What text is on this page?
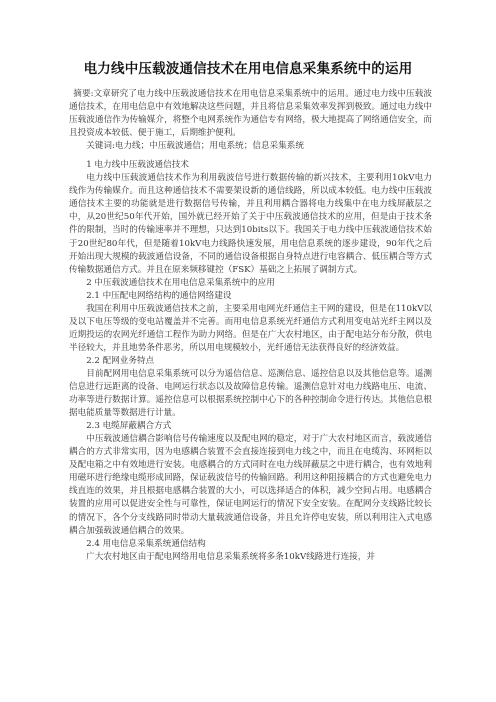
电力线中压载波通信技术在用电信息采集系统中的运用

摘要:文章研究了电力线中压载波通信技术在用电信息采集系统中的运用。通过电力线中压载波通信技术，在用电信息中有效地解决这些问题，并且将信息采集效率发挥到极致。通过电力线中压载波通信作为传输媒介，将整个电网系统作为通信专有网络，极大地提高了网络通信安全，而且投资成本较低、便于施工，后期维护便利。

关键词:电力线；中压载波通信；用电系统；信息采集系统

1 电力线中压载波通信技术

电力线中压载波通信技术作为利用载波信号进行数据传输的新兴技术，主要利用10kV电力线作为传输媒介。而且这种通信技术不需要架设新的通信线路，所以成本较低。电力线中压载波通信技术主要的功能就是进行数据信号传输，并且利用耦合器将电力线集中在电力线屏蔽层之中，从20世纪50年代开始，国外就已经开始了关于中压载波通信技术的应用，但是由于技术条件的限制，当时的传输速率并不理想，只达到10bits以下。我国关于电力线中压载波通信技术始于20世纪80年代，但是随着10kV电力线路快速发展，用电信息系统的逐步建设，90年代之后开始出现大规模的载波通信设备，不同的通信设备根据自身特点进行电容耦合、低压耦合等方式传输数据通信方式。并且在原来频移键控（FSK）基础之上拓展了调制方式。

2 中压载波通信技术在用电信息采集系统中的应用

2.1 中压配电网络结构的通信网络建设

我国在利用中压载波通信技术之前，主要采用电网光纤通信主干网的建设，但是在110kV以及以下电压等级的变电站覆盖并不完善。而用电信息系统光纤通信方式利用变电站光纤主网以及近期投运的农网光纤通信工程作为助力网络。但是在广大农村地区，由于配电站分布分散，供电半径较大，并且地势条件恶劣，所以用电规模较小，光纤通信无法获得良好的经济效益。

2.2 配网业务特点

目前配网用电信息采集系统可以分为遥信信息、巡测信息、遥控信息以及其他信息等。遥测信息进行远距离的设备、电网运行状态以及故障信息传输。遥测信息针对电力线路电压、电流、功率等进行数据计算。遥控信息可以根据系统控制中心下的各种控制命令进行传达。其他信息根据电能质量等数据进行计量。

2.3 电缆屏蔽耦合方式

中压载波通信耦合影响信号传输速度以及配电网的稳定，对于广大农村地区而言，载波通信耦合的方式非常实用，因为电感耦合装置不会直接连接到电力线之中，而且在电缆沟、环网柜以及配电箱之中有效地进行安装。电感耦合的方式同时在电力线屏蔽层之中进行耦合，也有效地利用磁环进行绝缘电缆形成回路，保证载波信号的传输回路。利用这种阻接耦合的方式也避免电力线直连的效果，并且根据电感耦合装置的大小，可以选择适合的体积，减少空间占用。电感耦合装置的应用可以促进安全性与可靠性，保证电网运行的情况下安全安装。在配网分支线路比较长的情况下，各个分支线路同时带动大量载波通信设备，并且允许停电安装，所以利用注入式电感耦合加强载波通信耦合的效果。

2.4 用电信息采集系统通信结构

广大农村地区由于配电网络用电信息采集系统将多条10kV线路进行连接，并
